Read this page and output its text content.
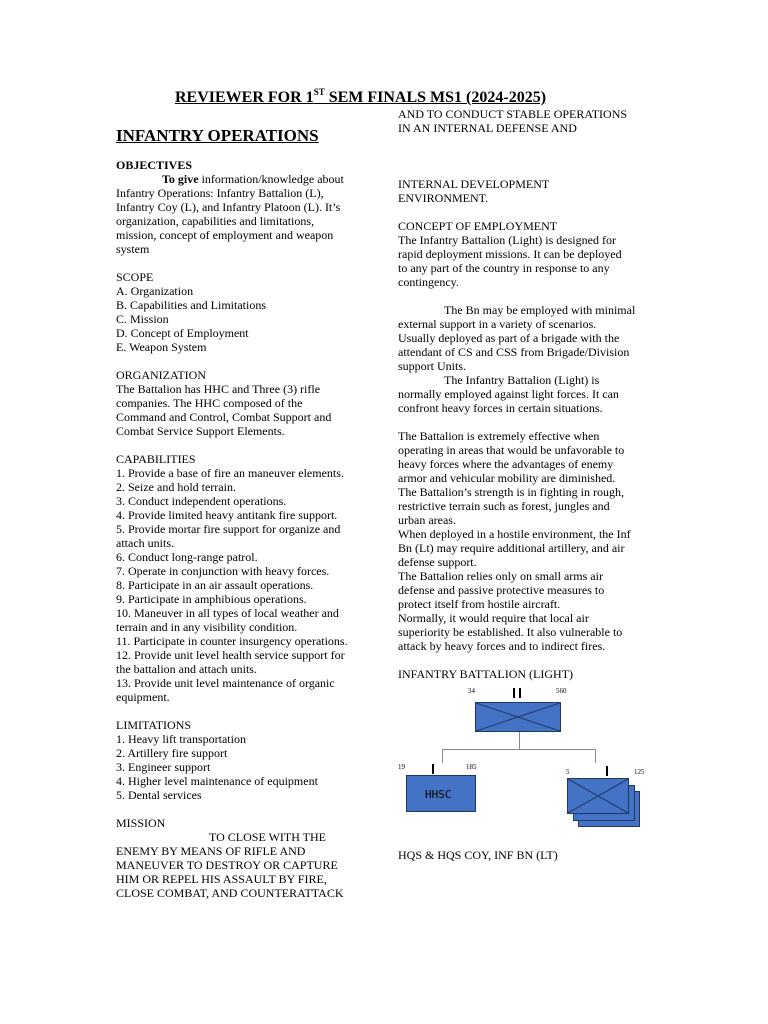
REVIEWER FOR 1ST SEM FINALS MS1 (2024-2025)
INFANTRY OPERATIONS

OBJECTIVES

To give information/knowledge about

Infantry Operations: Infantry Battalion (L),

Infantry Coy (L), and Infantry Platoon (L). It’s

organization, capabilities and limitations,

mission, concept of employment and weapon

system

SCOPE

A. Organization

B. Capabilities and Limitations

C. Mission

D. Concept of Employment

E. Weapon System

ORGANIZATION

The Battalion has HHC and Three (3) rifle

companies. The HHC composed of the

Command and Control, Combat Support and

Combat Service Support Elements.

CAPABILITIES

1. Provide a base of fire an maneuver elements.

2. Seize and hold terrain.

3. Conduct independent operations.

4. Provide limited heavy antitank fire support.

5. Provide mortar fire support for organize and

attach units.

6. Conduct long-range patrol.

7. Operate in conjunction with heavy forces.

8. Participate in an air assault operations.

9. Participate in amphibious operations.

10. Maneuver in all types of local weather and

terrain and in any visibility condition.

11. Participate in counter insurgency operations.

12. Provide unit level health service support for

the battalion and attach units.

13. Provide unit level maintenance of organic

equipment.

LIMITATIONS

1. Heavy lift transportation

2. Artillery fire support

3. Engineer support

4. Higher level maintenance of equipment

5. Dental services

MISSION

TO CLOSE WITH THE

ENEMY BY MEANS OF RIFLE AND

MANEUVER TO DESTROY OR CAPTURE

HIM OR REPEL HIS ASSAULT BY FIRE,

CLOSE COMBAT, AND COUNTERATTACK

AND TO CONDUCT STABLE OPERATIONS

IN AN INTERNAL DEFENSE AND

INTERNAL DEVELOPMENT

ENVIRONMENT.

CONCEPT OF EMPLOYMENT

The Infantry Battalion (Light) is designed for

rapid deployment missions. It can be deployed

to any part of the country in response to any

contingency.

The Bn may be employed with minimal

external support in a variety of scenarios.

Usually deployed as part of a brigade with the

attendant of CS and CSS from Brigade/Division

support Units.

The Infantry Battalion (Light) is

normally employed against light forces. It can

confront heavy forces in certain situations.

The Battalion is extremely effective when

operating in areas that would be unfavorable to

heavy forces where the advantages of enemy

armor and vehicular mobility are diminished.

The Battalion’s strength is in fighting in rough,

restrictive terrain such as forest, jungles and

urban areas.

When deployed in a hostile environment, the Inf

Bn (Lt) may require additional artillery, and air

defense support.

The Battalion relies only on small arms air

defense and passive protective measures to

protect itself from hostile aircraft.

Normally, it would require that local air

superiority be established. It also vulnerable to

attack by heavy forces and to indirect fires.

INFANTRY BATTALION (LIGHT)

34	560
19	185
HHSC
5	125
HQS & HQS COY, INF BN (LT)
